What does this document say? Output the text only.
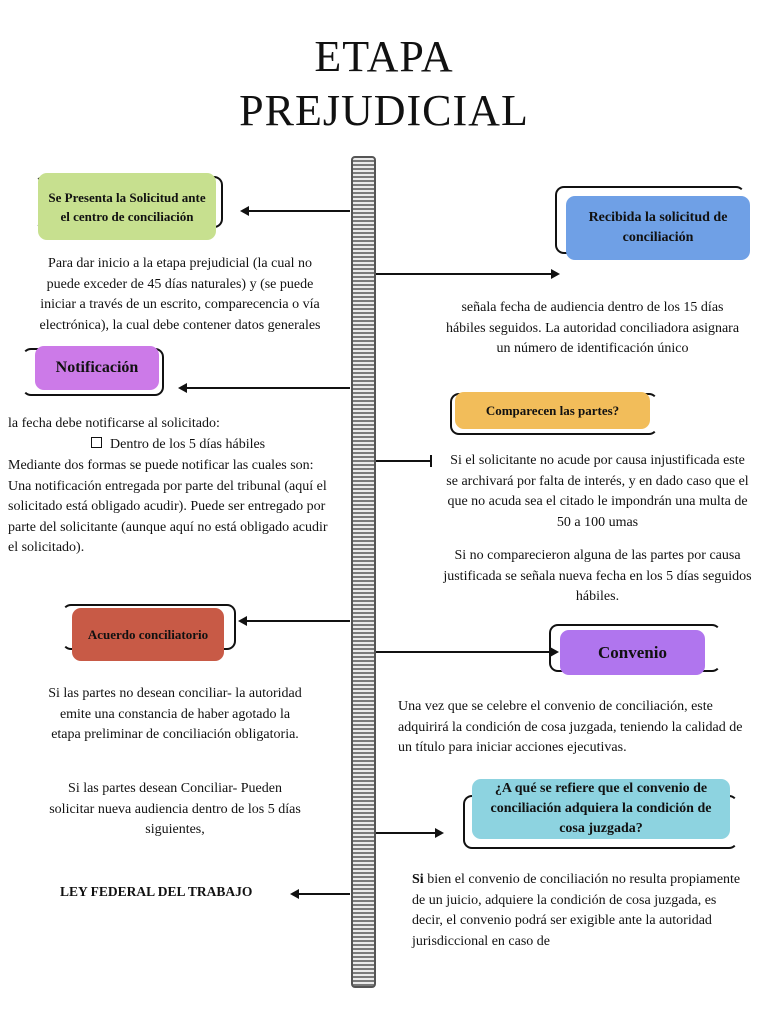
ETAPA
PREJUDICIAL
Se Presenta la Solicitud ante el centro de conciliación
Para dar inicio a la etapa prejudicial (la cual no puede exceder de 45 días naturales) y (se puede iniciar a través de un escrito, comparecencia o vía electrónica), la cual debe contener datos generales
Recibida la solicitud de conciliación
señala fecha de audiencia dentro de los 15 días hábiles seguidos. La autoridad conciliadora asignara un número de identificación único
Notificación
la fecha debe notificarse al solicitado:
Dentro de los 5 días hábiles
Mediante dos formas se puede notificar las cuales son: Una notificación entregada por parte del tribunal (aquí el solicitado está obligado acudir). Puede ser entregado por parte del solicitante (aunque aquí no está obligado acudir el solicitado).
Comparecen las partes?
Si el solicitante no acude por causa injustificada este se archivará por falta de interés, y en dado caso que el que no acuda sea el citado le impondrán una multa de 50 a 100 umas
Si no comparecieron alguna de las partes por causa justificada se señala nueva fecha en los 5 días seguidos hábiles.
Acuerdo conciliatorio
Si las partes no desean conciliar- la autoridad emite una constancia de haber agotado la etapa preliminar de conciliación obligatoria.
Si las partes desean Conciliar- Pueden solicitar nueva audiencia dentro de los 5 días siguientes,
Convenio
Una vez que se celebre el convenio de conciliación, este adquirirá la condición de cosa juzgada, teniendo la calidad de un título para iniciar acciones ejecutivas.
¿A qué se refiere que el convenio de conciliación adquiera la condición de cosa juzgada?
Si bien el convenio de conciliación no resulta propiamente de un juicio, adquiere la condición de cosa juzgada, es decir, el convenio podrá ser exigible ante la autoridad jurisdiccional en caso de
LEY FEDERAL DEL TRABAJO
